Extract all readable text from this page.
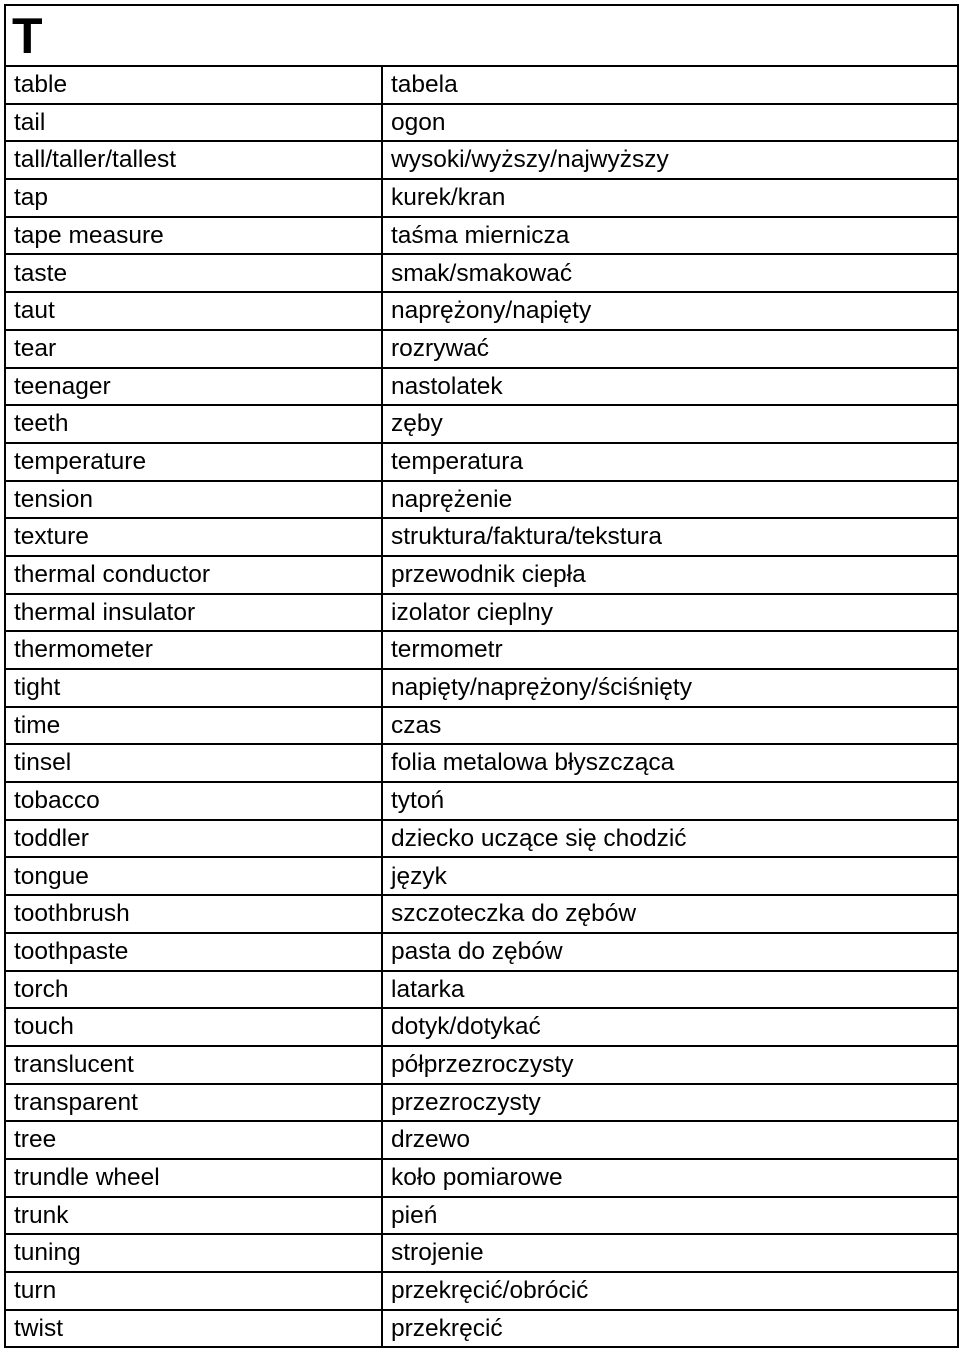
T	
table	tabela
tail	ogon
tall/taller/tallest	wysoki/wyższy/najwyższy
tap	kurek/kran
tape measure	taśma miernicza
taste	smak/smakować
taut	naprężony/napięty
tear	rozrywać
teenager	nastolatek
teeth	zęby
temperature	temperatura
tension	naprężenie
texture	struktura/faktura/tekstura
thermal conductor	przewodnik ciepła
thermal insulator	izolator cieplny
thermometer	termometr
tight	napięty/naprężony/ściśnięty
time	czas
tinsel	folia metalowa błyszcząca
tobacco	tytoń
toddler	dziecko uczące się chodzić
tongue	język
toothbrush	szczoteczka do zębów
toothpaste	pasta do zębów
torch	latarka
touch	dotyk/dotykać
translucent	półprzezroczysty
transparent	przezroczysty
tree	drzewo
trundle wheel	koło pomiarowe
trunk	pień
tuning	strojenie
turn	przekręcić/obrócić
twist	przekręcić
